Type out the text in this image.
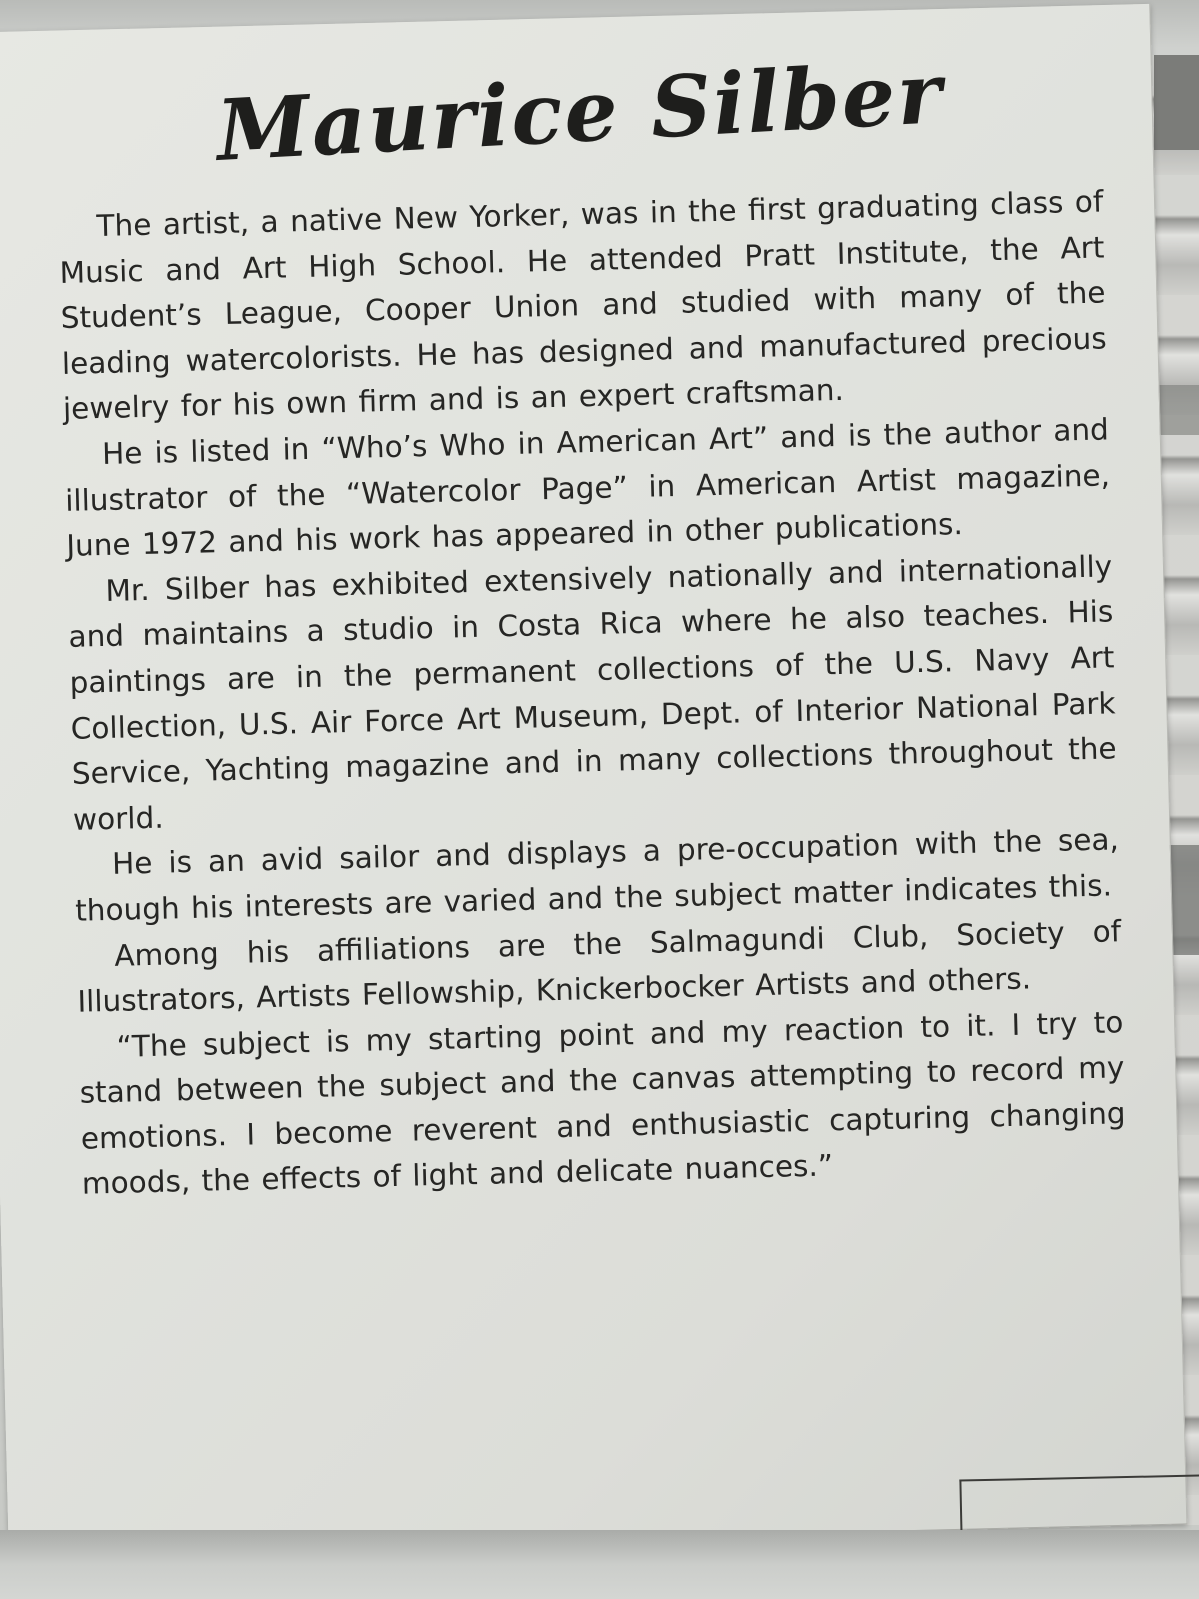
Maurice Silber

The artist, a native New Yorker, was in the first graduating class of Music and Art High School. He attended Pratt Institute, the Art Student’s League, Cooper Union and studied with many of the leading watercolorists. He has designed and manufactured precious jewelry for his own firm and is an expert craftsman.

He is listed in “Who’s Who in American Art” and is the author and illustrator of the “Watercolor Page” in American Artist magazine, June 1972 and his work has appeared in other publications.

Mr. Silber has exhibited extensively nationally and internationally and maintains a studio in Costa Rica where he also teaches. His paintings are in the permanent collections of the U.S. Navy Art Collection, U.S. Air Force Art Museum, Dept. of Interior National Park Service, Yachting magazine and in many collections throughout the world.

He is an avid sailor and displays a pre-occupation with the sea, though his interests are varied and the subject matter indicates this.

Among his affiliations are the Salmagundi Club, Society of Illustrators, Artists Fellowship, Knickerbocker Artists and others.

“The subject is my starting point and my reaction to it. I try to stand between the subject and the canvas attempting to record my emotions. I become reverent and enthusiastic capturing changing moods, the effects of light and delicate nuances.”
